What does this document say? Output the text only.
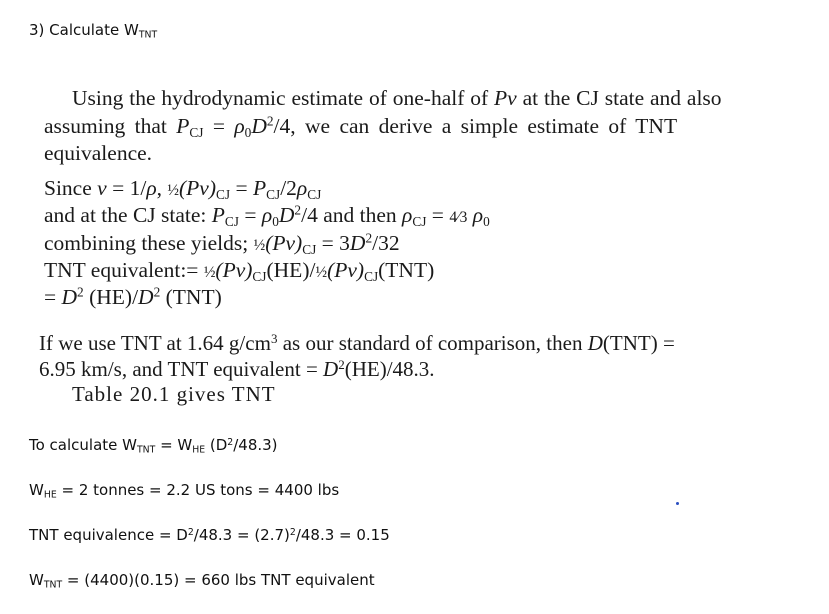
3) Calculate $W_{TNT}$
Using the hydrodynamic estimate of one-half of Pv at the CJ state and also
assuming that $P_{CJ} = \rho_0D^2/4$, we can derive a simple estimate of TNT
equivalence.
Since v = 1/ρ, $\frac{1}{2}(Pv)_{CJ} = P_{CJ}/2\rho_{CJ}$
and at the CJ state: $P_{CJ} = \rho_0D^2/4$ and then $\rho_{CJ}$ = 4⁄3 $\rho_0$
combining these yields; $\frac{1}{2}(Pv)_{CJ} = 3D^2/32$
TNT equivalent:= $\frac{1}{2}(Pv)_{CJ}(HE)/\frac{1}{2}(Pv)_{CJ}(TNT)$
= $D^2$ $(HE)/D^2$ (TNT)
If we use TNT at 1.64 $g/cm^3$ as our standard of comparison, then D(TNT) =
6.95 km/s, and TNT equivalent = $D^2(HE)/48.3$.
Table 20.1 gives TNT
To calculate $W_{TNT} = W_{HE}$ $(D^2/48.3)$
$W_{HE} = 2$ tonnes = 2.2 US tons = 4400 lbs
TNT equivalence = $D^2/48.3 = (2.7)^2/48.3 = 0.15$
$W_{TNT} = (4400)(0.15) = 660$ lbs TNT equivalent
